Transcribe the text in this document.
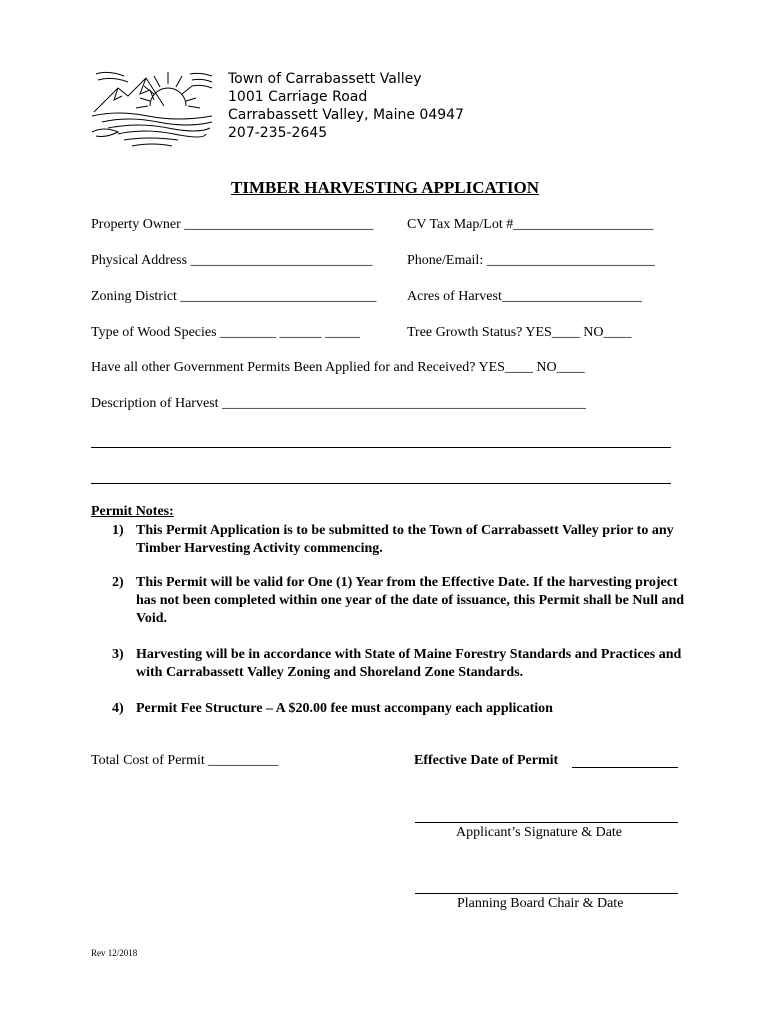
Town of Carrabassett Valley
1001 Carriage Road
Carrabassett Valley, Maine 04947
207-235-2645
TIMBER HARVESTING APPLICATION
Property Owner ___________________________ CV Tax Map/Lot #____________________
Physical Address __________________________ Phone/Email: ________________________
Zoning District ____________________________ Acres of Harvest____________________
Type of Wood Species ________ ______ _____	Tree Growth Status? YES____ NO____
Have all other Government Permits Been Applied for and Received? YES____ NO____
Description of Harvest ____________________________________________________
Permit Notes:
1) This Permit Application is to be submitted to the Town of Carrabassett Valley prior to any Timber Harvesting Activity commencing.
2) This Permit will be valid for One (1) Year from the Effective Date. If the harvesting project has not been completed within one year of the date of issuance, this Permit shall be Null and Void.
3) Harvesting will be in accordance with State of Maine Forestry Standards and Practices and with Carrabassett Valley Zoning and Shoreland Zone Standards.
4) Permit Fee Structure – A $20.00 fee must accompany each application
Total Cost of Permit __________	Effective Date of Permit
Applicant’s Signature & Date
Planning Board Chair & Date
Rev 12/2018
